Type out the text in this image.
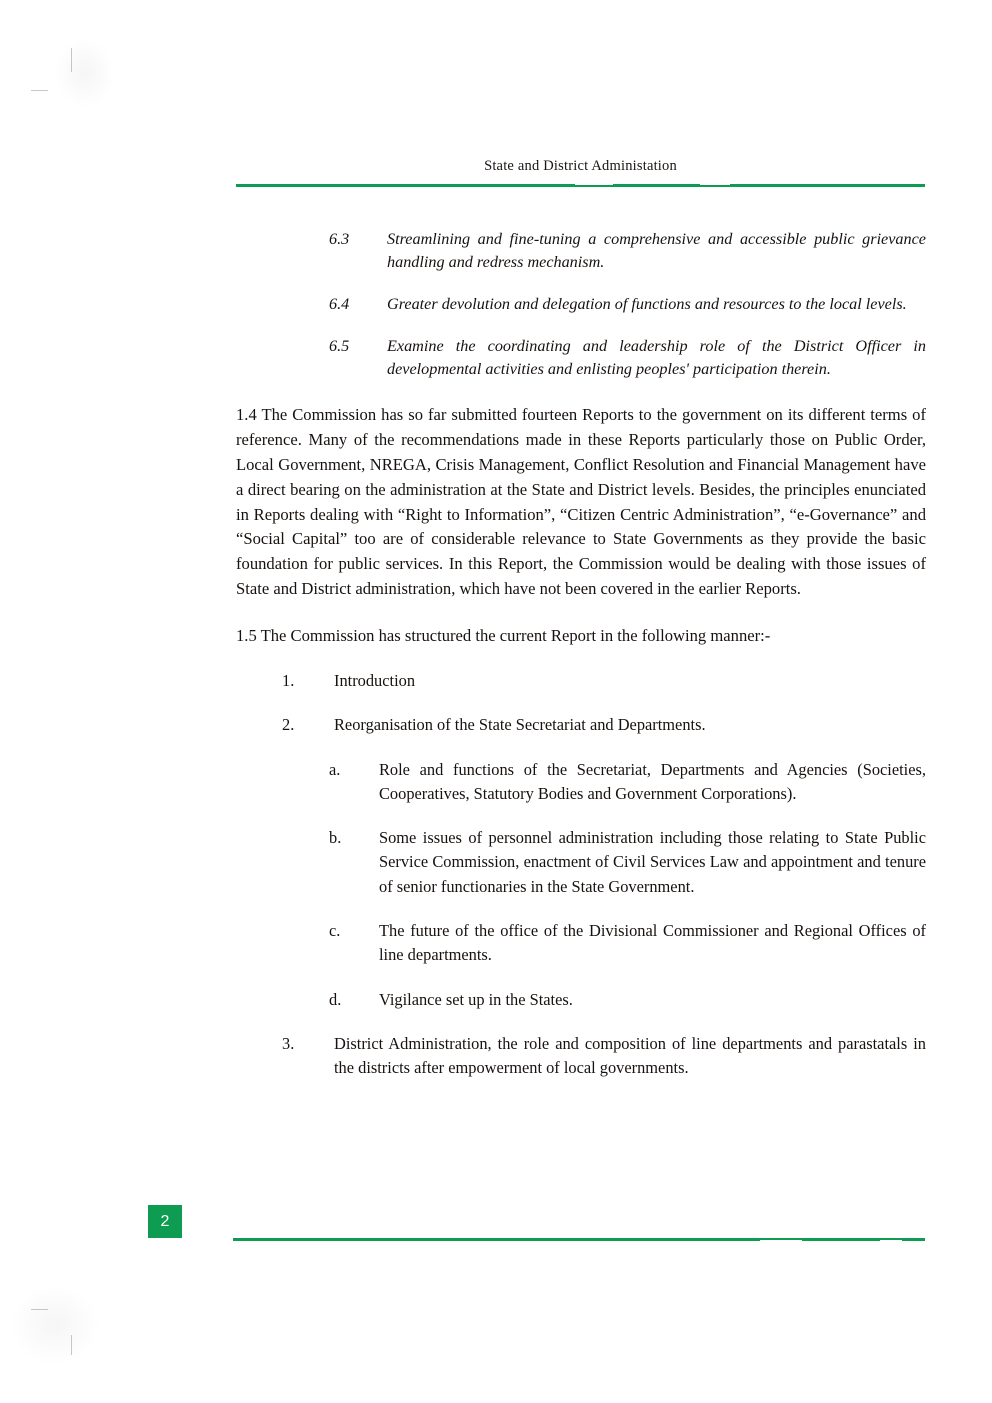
State and District Administation
6.3	Streamlining and fine-tuning a comprehensive and accessible public grievance handling and redress mechanism.
6.4	Greater devolution and delegation of functions and resources to the local levels.
6.5	Examine the coordinating and leadership role of the District Officer in developmental activities and enlisting peoples' participation therein.

1.4 The Commission has so far submitted fourteen Reports to the government on its different terms of reference. Many of the recommendations made in these Reports particularly those on Public Order, Local Government, NREGA, Crisis Management, Conflict Resolution and Financial Management have a direct bearing on the administration at the State and District levels. Besides, the principles enunciated in Reports dealing with “Right to Information”, “Citizen Centric Administration”, “e-Governance” and “Social Capital” too are of considerable relevance to State Governments as they provide the basic foundation for public services. In this Report, the Commission would be dealing with those issues of State and District administration, which have not been covered in the earlier Reports.

1.5 The Commission has structured the current Report in the following manner:-

1.	Introduction
2.	Reorganisation of the State Secretariat and Departments.
a.	Role and functions of the Secretariat, Departments and Agencies (Societies, Cooperatives, Statutory Bodies and Government Corporations).
b.	Some issues of personnel administration including those relating to State Public Service Commission, enactment of Civil Services Law and appointment and tenure of senior functionaries in the State Government.
c.	The future of the office of the Divisional Commissioner and Regional Offices of line departments.
d.	Vigilance set up in the States.
3.	District Administration, the role and composition of line departments and parastatals in the districts after empowerment of local governments.
2
